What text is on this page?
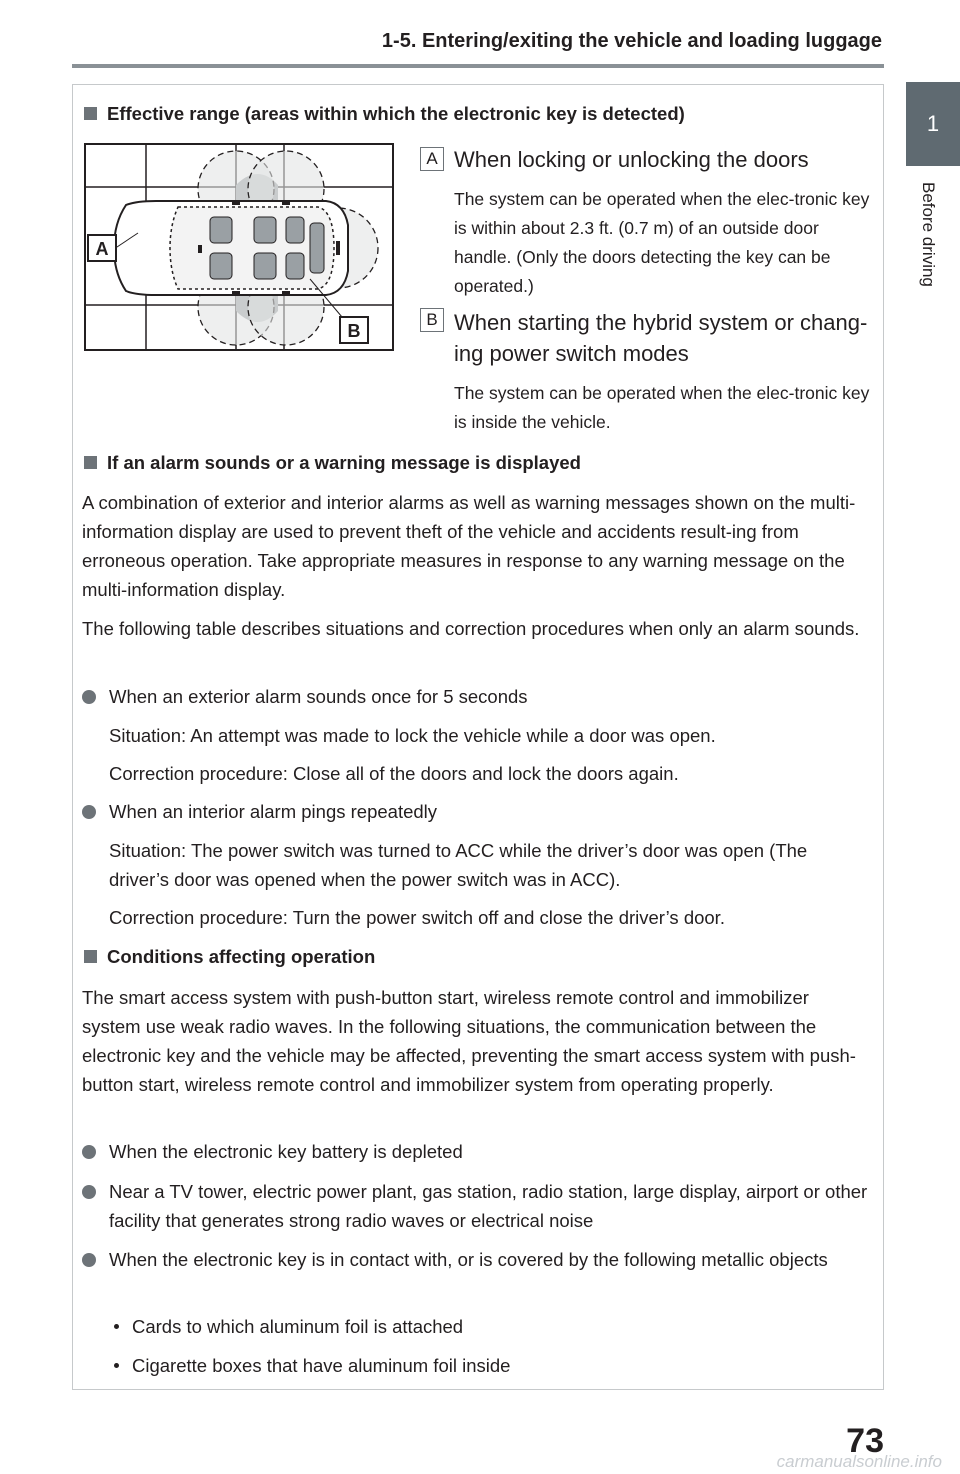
1-5. Entering/exiting the vehicle and loading luggage
1
Before driving
Effective range (areas within which the electronic key is detected)
A
B
A When locking or unlocking the doors
The system can be operated when the elec-tronic key is within about 2.3 ft. (0.7 m) of an outside door handle. (Only the doors detecting the key can be operated.)
B When starting the hybrid system or chang-ing power switch modes
The system can be operated when the elec-tronic key is inside the vehicle.
If an alarm sounds or a warning message is displayed
A combination of exterior and interior alarms as well as warning messages shown on the multi-information display are used to prevent theft of the vehicle and accidents result-ing from erroneous operation. Take appropriate measures in response to any warning message on the multi-information display.
The following table describes situations and correction procedures when only an alarm sounds.
When an exterior alarm sounds once for 5 seconds
Situation: An attempt was made to lock the vehicle while a door was open.
Correction procedure: Close all of the doors and lock the doors again.
When an interior alarm pings repeatedly
Situation: The power switch was turned to ACC while the driver’s door was open (The driver’s door was opened when the power switch was in ACC).
Correction procedure: Turn the power switch off and close the driver’s door.
Conditions affecting operation
The smart access system with push-button start, wireless remote control and immobilizer system use weak radio waves. In the following situations, the communication between the electronic key and the vehicle may be affected, preventing the smart access system with push-button start, wireless remote control and immobilizer system from operating properly.
When the electronic key battery is depleted
Near a TV tower, electric power plant, gas station, radio station, large display, airport or other facility that generates strong radio waves or electrical noise
When the electronic key is in contact with, or is covered by the following metallic objects
Cards to which aluminum foil is attached
Cigarette boxes that have aluminum foil inside
73
carmanualsonline.info
